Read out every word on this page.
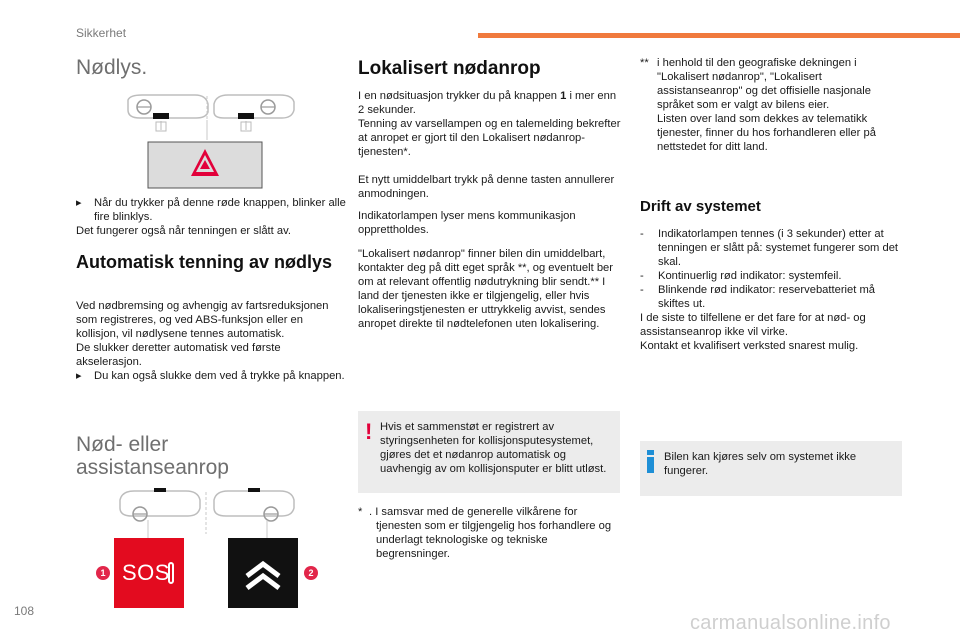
Sikkerhet
Nødlys.

▸ Når du trykker på denne røde knappen, blinker alle fire blinklys.

Det fungerer også når tenningen er slått av.

Automatisk tenning av nødlys

Ved nødbremsing og avhengig av fartsreduksjonen som registreres, og ved ABS-funksjon eller en kollisjon, vil nødlysene tennes automatisk.

De slukker deretter automatisk ved første akselerasjon.

▸ Du kan også slukke dem ved å trykke på knappen.

Nød- eller
assistanseanrop
SOS
1	2
Lokalisert nødanrop

I en nødsituasjon trykker du på knappen 1 i mer enn 2 sekunder.

Tenning av varsellampen og en talemelding bekrefter at anropet er gjort til den Lokalisert nødanrop-tjenesten*.

Et nytt umiddelbart trykk på denne tasten annullerer anmodningen.

Indikatorlampen lyser mens kommunikasjon opprettholdes.

"Lokalisert nødanrop" finner bilen din umiddelbart, kontakter deg på ditt eget språk **, og eventuelt ber om at relevant offentlig nødutrykning blir sendt.** I land der tjenesten ikke er tilgjengelig, eller hvis lokaliseringstjenesten er uttrykkelig avvist, sendes anropet direkte til nødtelefonen uten lokalisering.

! Hvis et sammenstøt er registrert av styringsenheten for kollisjonsputesystemet, gjøres det et nødanrop automatisk og uavhengig av om kollisjonsputer er blitt utløst.

* . I samsvar med de generelle vilkårene for tjenesten som er tilgjengelig hos forhandlere og underlagt teknologiske og tekniske begrensninger.

** i henhold til den geografiske dekningen i "Lokalisert nødanrop", "Lokalisert assistanseanrop" og det offisielle nasjonale språket som er valgt av bilens eier.

Listen over land som dekkes av telematikk tjenester, finner du hos forhandleren eller på nettstedet for ditt land.

Drift av systemet

- Indikatorlampen tennes (i 3 sekunder) etter at tenningen er slått på: systemet fungerer som det skal.

- Kontinuerlig rød indikator: systemfeil.

- Blinkende rød indikator: reservebatteriet må skiftes ut.

I de siste to tilfellene er det fare for at nød- og assistanseanrop ikke vil virke.

Kontakt et kvalifisert verksted snarest mulig.

Bilen kan kjøres selv om systemet ikke fungerer.

108
carmanualsonline.info
